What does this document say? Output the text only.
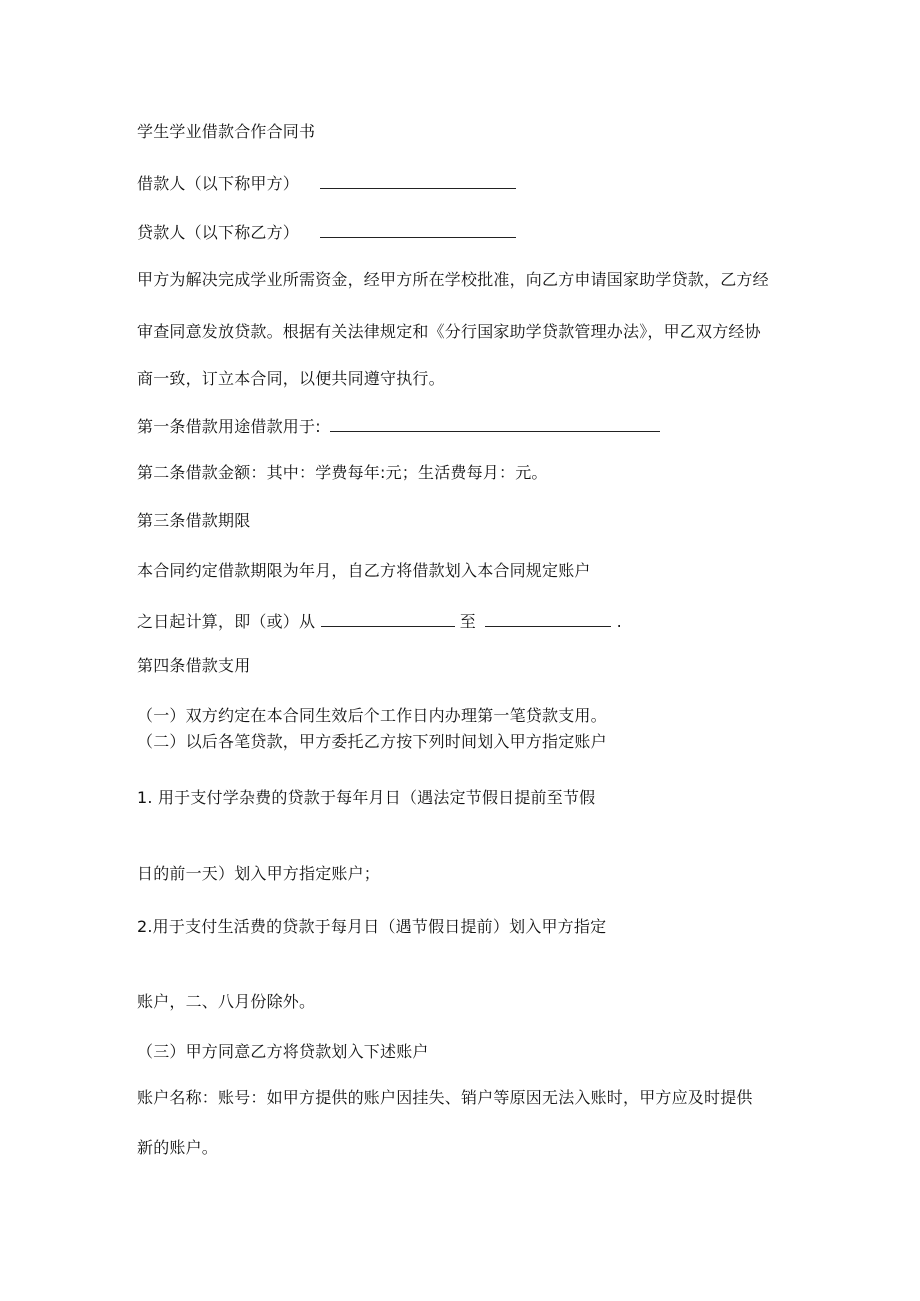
学生学业借款合作合同书
借款人（以下称甲方）
贷款人（以下称乙方）
甲方为解决完成学业所需资金，经甲方所在学校批准，向乙方申请国家助学贷款，乙方经
审查同意发放贷款。根据有关法律规定和《分行国家助学贷款管理办法》，甲乙双方经协
商一致，订立本合同，以便共同遵守执行。
第一条借款用途借款用于:
第二条借款金额：其中：学费每年:元；生活费每月：元。
第三条借款期限
本合同约定借款期限为年月，自乙方将借款划入本合同规定账户
之日起计算，即（或）从	至	.
第四条借款支用
（一）双方约定在本合同生效后个工作日内办理第一笔贷款支用。
（二）以后各笔贷款，甲方委托乙方按下列时间划入甲方指定账户
1. 用于支付学杂费的贷款于每年月日（遇法定节假日提前至节假
日的前一天）划入甲方指定账户；
2.用于支付生活费的贷款于每月日（遇节假日提前）划入甲方指定
账户，二、八月份除外。
（三）甲方同意乙方将贷款划入下述账户
账户名称：账号：如甲方提供的账户因挂失、销户等原因无法入账时，甲方应及时提供
新的账户。
